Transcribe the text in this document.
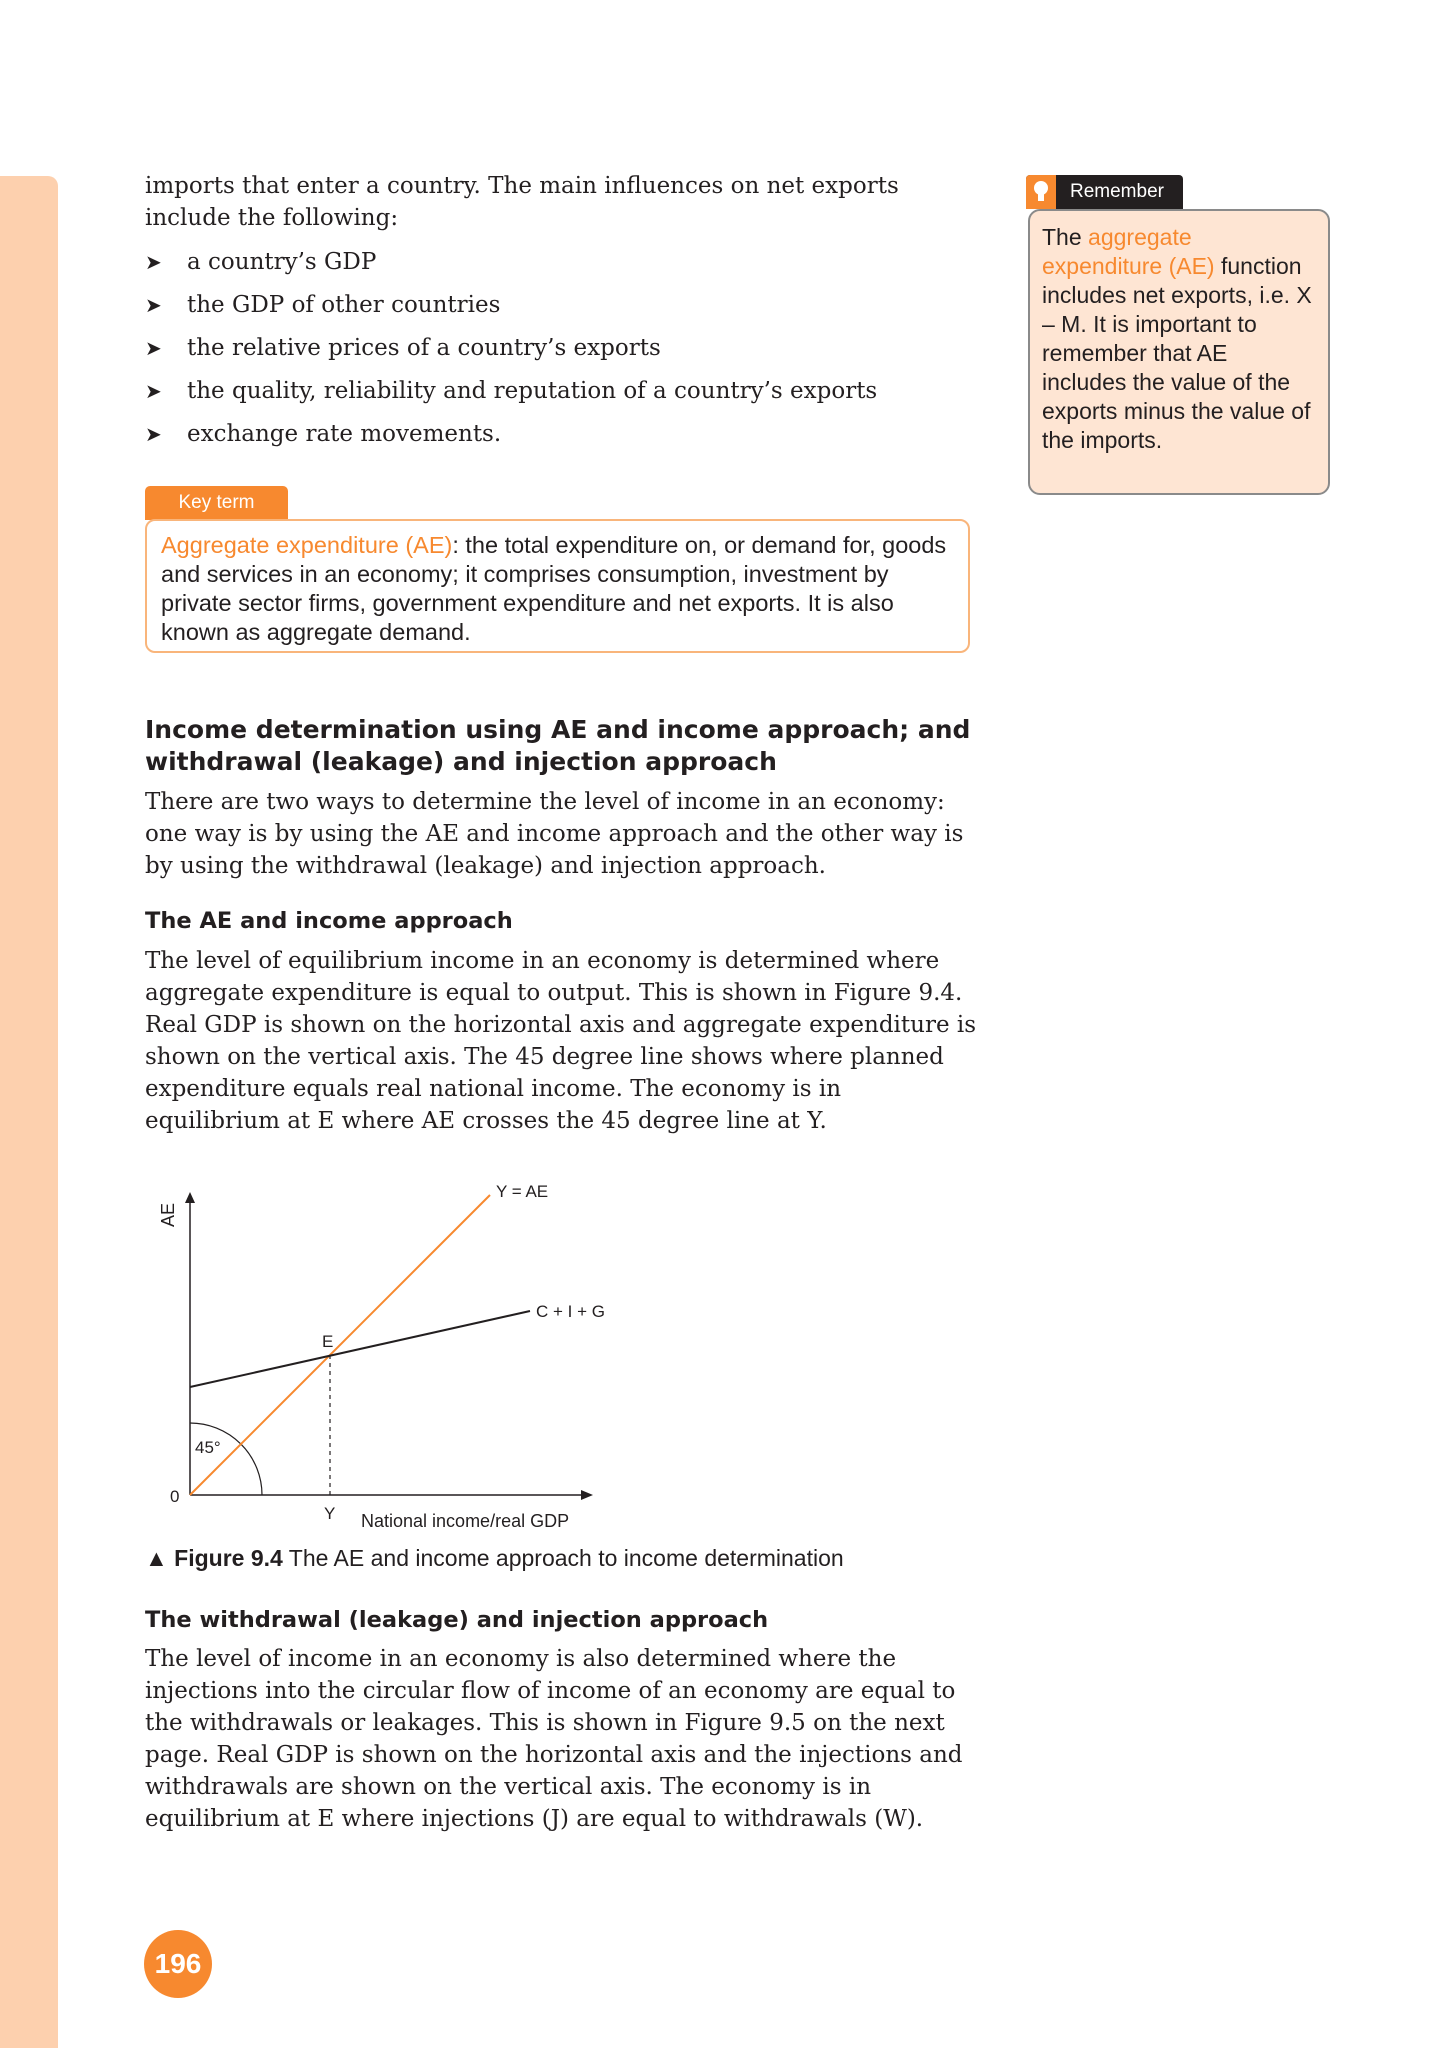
imports that enter a country. The main influences on net exports include the following:

➤ a country’s GDP
➤ the GDP of other countries
➤ the relative prices of a country’s exports
➤ the quality, reliability and reputation of a country’s exports
➤ exchange rate movements.
Key term
Aggregate expenditure (AE): the total expenditure on, or demand for, goods and services in an economy; it comprises consumption, investment by private sector firms, government expenditure and net exports. It is also known as aggregate demand.
Income determination using AE and income approach; and withdrawal (leakage) and injection approach

There are two ways to determine the level of income in an economy: one way is by using the AE and income approach and the other way is by using the withdrawal (leakage) and injection approach.

The AE and income approach

The level of equilibrium income in an economy is determined where aggregate expenditure is equal to output. This is shown in Figure 9.4. Real GDP is shown on the horizontal axis and aggregate expenditure is shown on the vertical axis. The 45 degree line shows where planned expenditure equals real national income. The economy is in equilibrium at E where AE crosses the 45 degree line at Y.

Y = AE
C + I + G
E
Y
0
45°
National income/real GDP
AE
▲ Figure 9.4 The AE and income approach to income determination
The withdrawal (leakage) and injection approach

The level of income in an economy is also determined where the injections into the circular flow of income of an economy are equal to the withdrawals or leakages. This is shown in Figure 9.5 on the next page. Real GDP is shown on the horizontal axis and the injections and withdrawals are shown on the vertical axis. The economy is in equilibrium at E where injections (J) are equal to withdrawals (W).

Remember
The aggregate expenditure (AE) function includes net exports, i.e. X – M. It is important to remember that AE includes the value of the exports minus the value of the imports.
196
